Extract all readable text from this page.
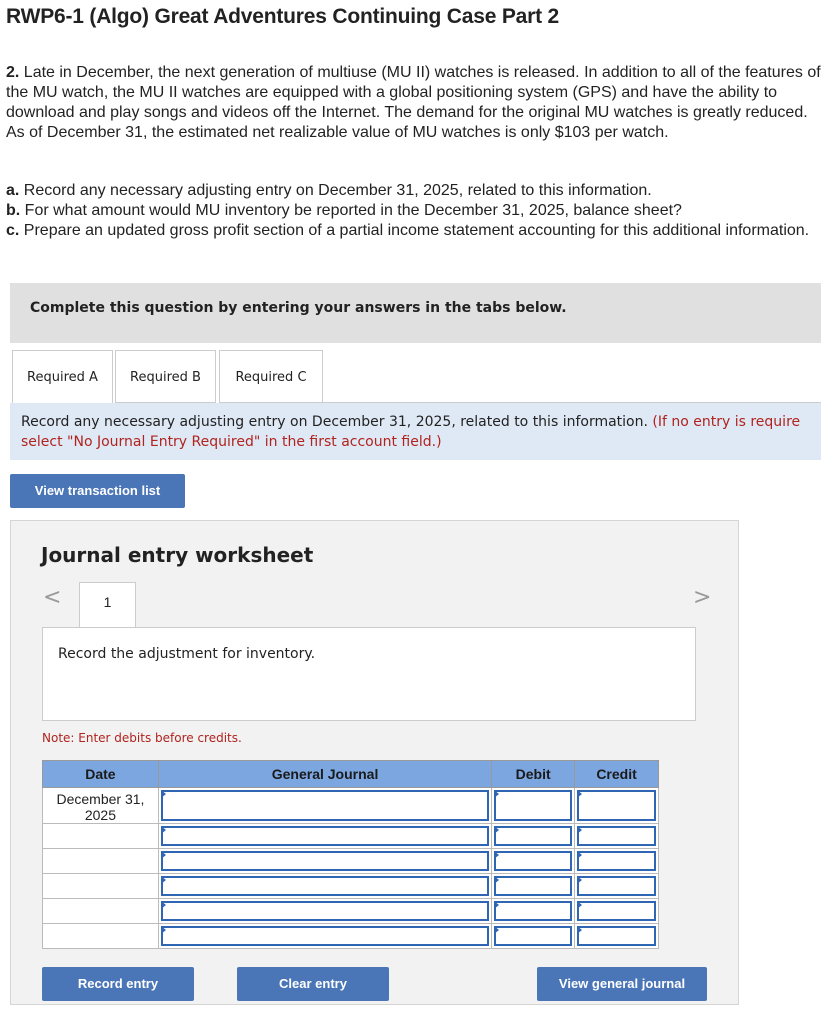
RWP6-1 (Algo) Great Adventures Continuing Case Part 2
2. Late in December, the next generation of multiuse (MU II) watches is released. In addition to all of the features of the MU watch, the MU II watches are equipped with a global positioning system (GPS) and have the ability to download and play songs and videos off the Internet. The demand for the original MU watches is greatly reduced. As of December 31, the estimated net realizable value of MU watches is only $103 per watch.
a. Record any necessary adjusting entry on December 31, 2025, related to this information.
b. For what amount would MU inventory be reported in the December 31, 2025, balance sheet?
c. Prepare an updated gross profit section of a partial income statement accounting for this additional information.
Complete this question by entering your answers in the tabs below.
Required A	Required B	Required C
Record any necessary adjusting entry on December 31, 2025, related to this information. (If no entry is require
select "No Journal Entry Required" in the first account field.)
View transaction list
Journal entry worksheet
<	1	>
Record the adjustment for inventory.
Note: Enter debits before credits.
Date	General Journal	Debit	Credit
December 31, 2025	

Record entry	Clear entry	View general journal
